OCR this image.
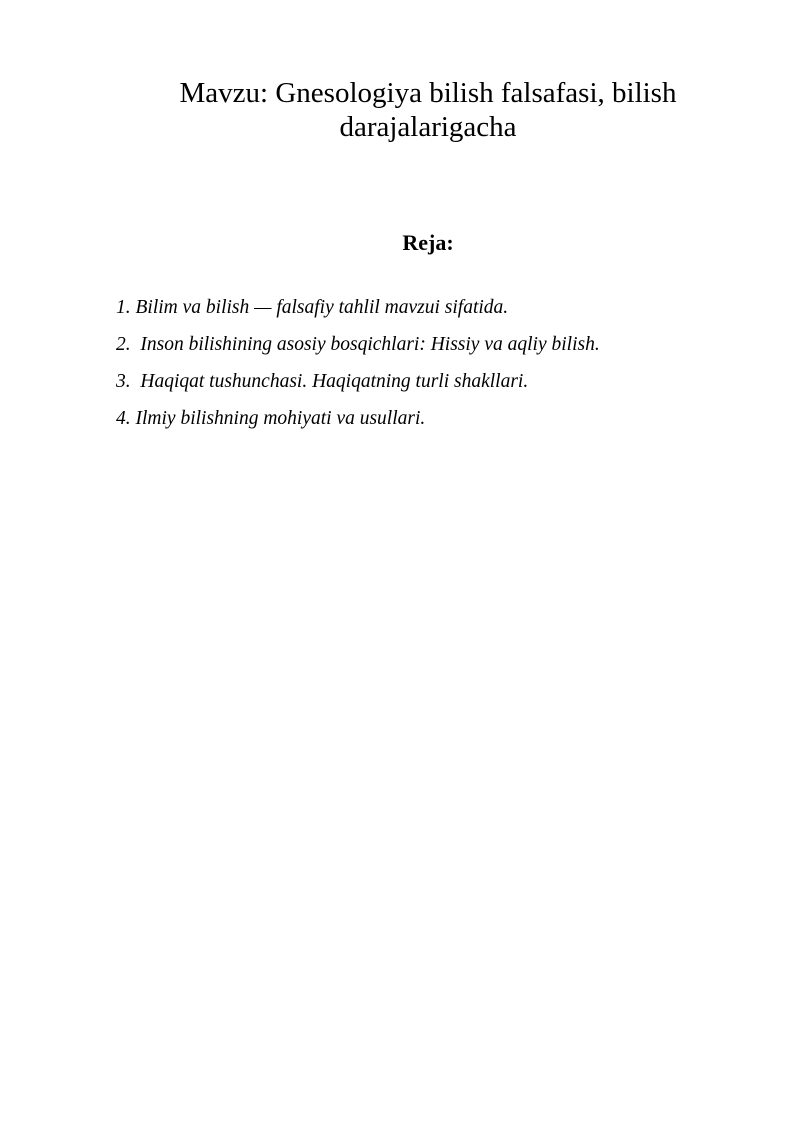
Mavzu: Gnesologiya bilish falsafasi, bilish
darajalarigacha
Reja:
1. Bilim va bilish — falsafiy tahlil mavzui sifatida.
2.  Inson bilishining asosiy bosqichlari: Hissiy va aqliy bilish.
3.  Haqiqat tushunchasi. Haqiqatning turli shakllari.
4. Ilmiy bilishning mohiyati va usullari.
